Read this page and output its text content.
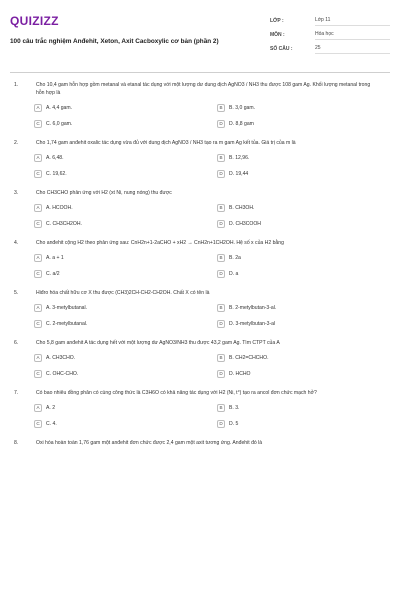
QUIZIZZ
100 câu trắc nghiệm Anđehit, Xeton, Axit Cacboxylic cơ bản (phần 2)
LỚP :	Lớp 11
MÔN :	Hóa học
SỐ CÂU :	25
1.	Cho 10,4 gam hỗn hợp gồm metanal và etanal tác dụng với một lượng dư dung dịch AgNO3 / NH3 thu được 108 gam Ag. Khối lượng metanal trong hỗn hợp là
A	A. 4,4 gam.	B	B. 3,0 gam.
C	C. 6,0 gam.	D	D. 8,8 gam
2.	Cho 1,74 gam anđehit oxalic tác dụng vừa đủ với dung dịch AgNO3 / NH3 tạo ra m gam Ag kết tủa. Giá trị của m là
A	A. 6,48.	B	B. 12,96.
C	C. 19,62.	D	D. 19,44
3.	Cho CH3CHO phản ứng với H2 (xt Ni, nung nóng) thu được
A	A. HCOOH.	B	B. CH3OH.
C	C. CH3CH2OH.	D	D. CH3COOH
4.	Cho anđehit cộng H2 theo phản ứng sau: CnH2n+1-2aCHO + xH2 → CnH2n+1CH2OH. Hệ số x của H2 bằng
A	A. a + 1	B	B. 2a
C	C. a/2	D	D. a
5.	Hiđro hóa chất hữu cơ X thu được (CH3)2CH-CH2-CH2OH. Chất X có tên là
A	A. 3-metylbutanal.	B	B. 2-metylbutan-3-al.
C	C. 2-metylbutanal.	D	D. 3-metylbutan-3-al
6.	Cho 5,8 gam anđehit A tác dụng hết với một lượng dư AgNO3/NH3 thu được 43,2 gam Ag. Tìm CTPT của A
A	A. CH3CHO.	B	B. CH2=CHCHO.
C	C. OHC-CHO.	D	D. HCHO
7.	Có bao nhiêu đồng phân có cùng công thức là C3H6O có khả năng tác dụng với H2 (Ni, t°) tạo ra ancol đơn chức mạch hở?
A	A. 2	B	B. 3.
C	C. 4.	D	D. 5
8.	Oxi hóa hoàn toàn 1,76 gam một anđehit đơn chức được 2,4 gam một axit tương ứng. Anđehit đó là
